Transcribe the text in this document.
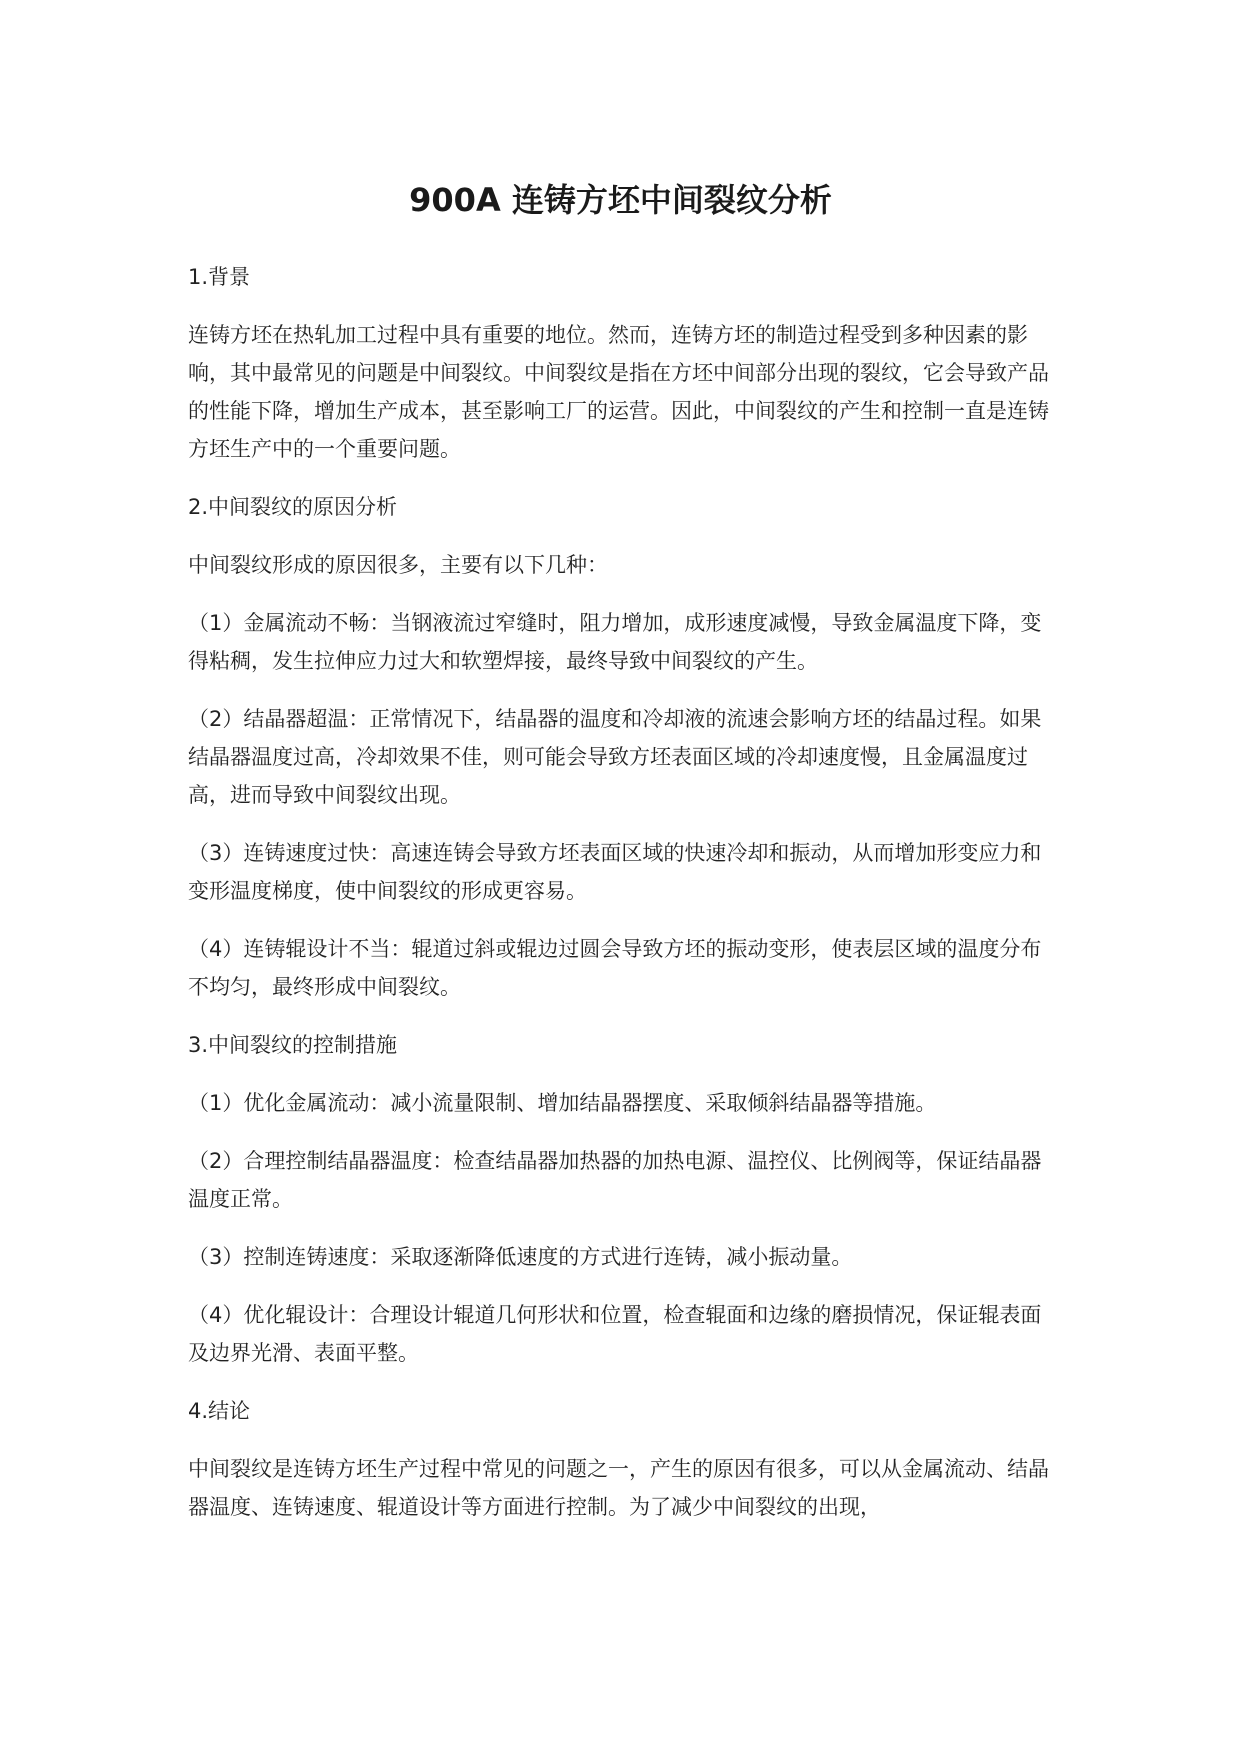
900A 连铸方坯中间裂纹分析

1.背景

连铸方坯在热轧加工过程中具有重要的地位。然而，连铸方坯的制造过程受到多种因素的影响，其中最常见的问题是中间裂纹。中间裂纹是指在方坯中间部分出现的裂纹，它会导致产品的性能下降，增加生产成本，甚至影响工厂的运营。因此，中间裂纹的产生和控制一直是连铸方坯生产中的一个重要问题。

2.中间裂纹的原因分析

中间裂纹形成的原因很多，主要有以下几种：

（1）金属流动不畅：当钢液流过窄缝时，阻力增加，成形速度减慢，导致金属温度下降，变得粘稠，发生拉伸应力过大和软塑焊接，最终导致中间裂纹的产生。

（2）结晶器超温：正常情况下，结晶器的温度和冷却液的流速会影响方坯的结晶过程。如果结晶器温度过高，冷却效果不佳，则可能会导致方坯表面区域的冷却速度慢，且金属温度过高，进而导致中间裂纹出现。

（3）连铸速度过快：高速连铸会导致方坯表面区域的快速冷却和振动，从而增加形变应力和变形温度梯度，使中间裂纹的形成更容易。

（4）连铸辊设计不当：辊道过斜或辊边过圆会导致方坯的振动变形，使表层区域的温度分布不均匀，最终形成中间裂纹。

3.中间裂纹的控制措施

（1）优化金属流动：减小流量限制、增加结晶器摆度、采取倾斜结晶器等措施。

（2）合理控制结晶器温度：检查结晶器加热器的加热电源、温控仪、比例阀等，保证结晶器温度正常。

（3）控制连铸速度：采取逐渐降低速度的方式进行连铸，减小振动量。

（4）优化辊设计：合理设计辊道几何形状和位置，检查辊面和边缘的磨损情况，保证辊表面及边界光滑、表面平整。

4.结论

中间裂纹是连铸方坯生产过程中常见的问题之一，产生的原因有很多，可以从金属流动、结晶器温度、连铸速度、辊道设计等方面进行控制。为了减少中间裂纹的出现，
